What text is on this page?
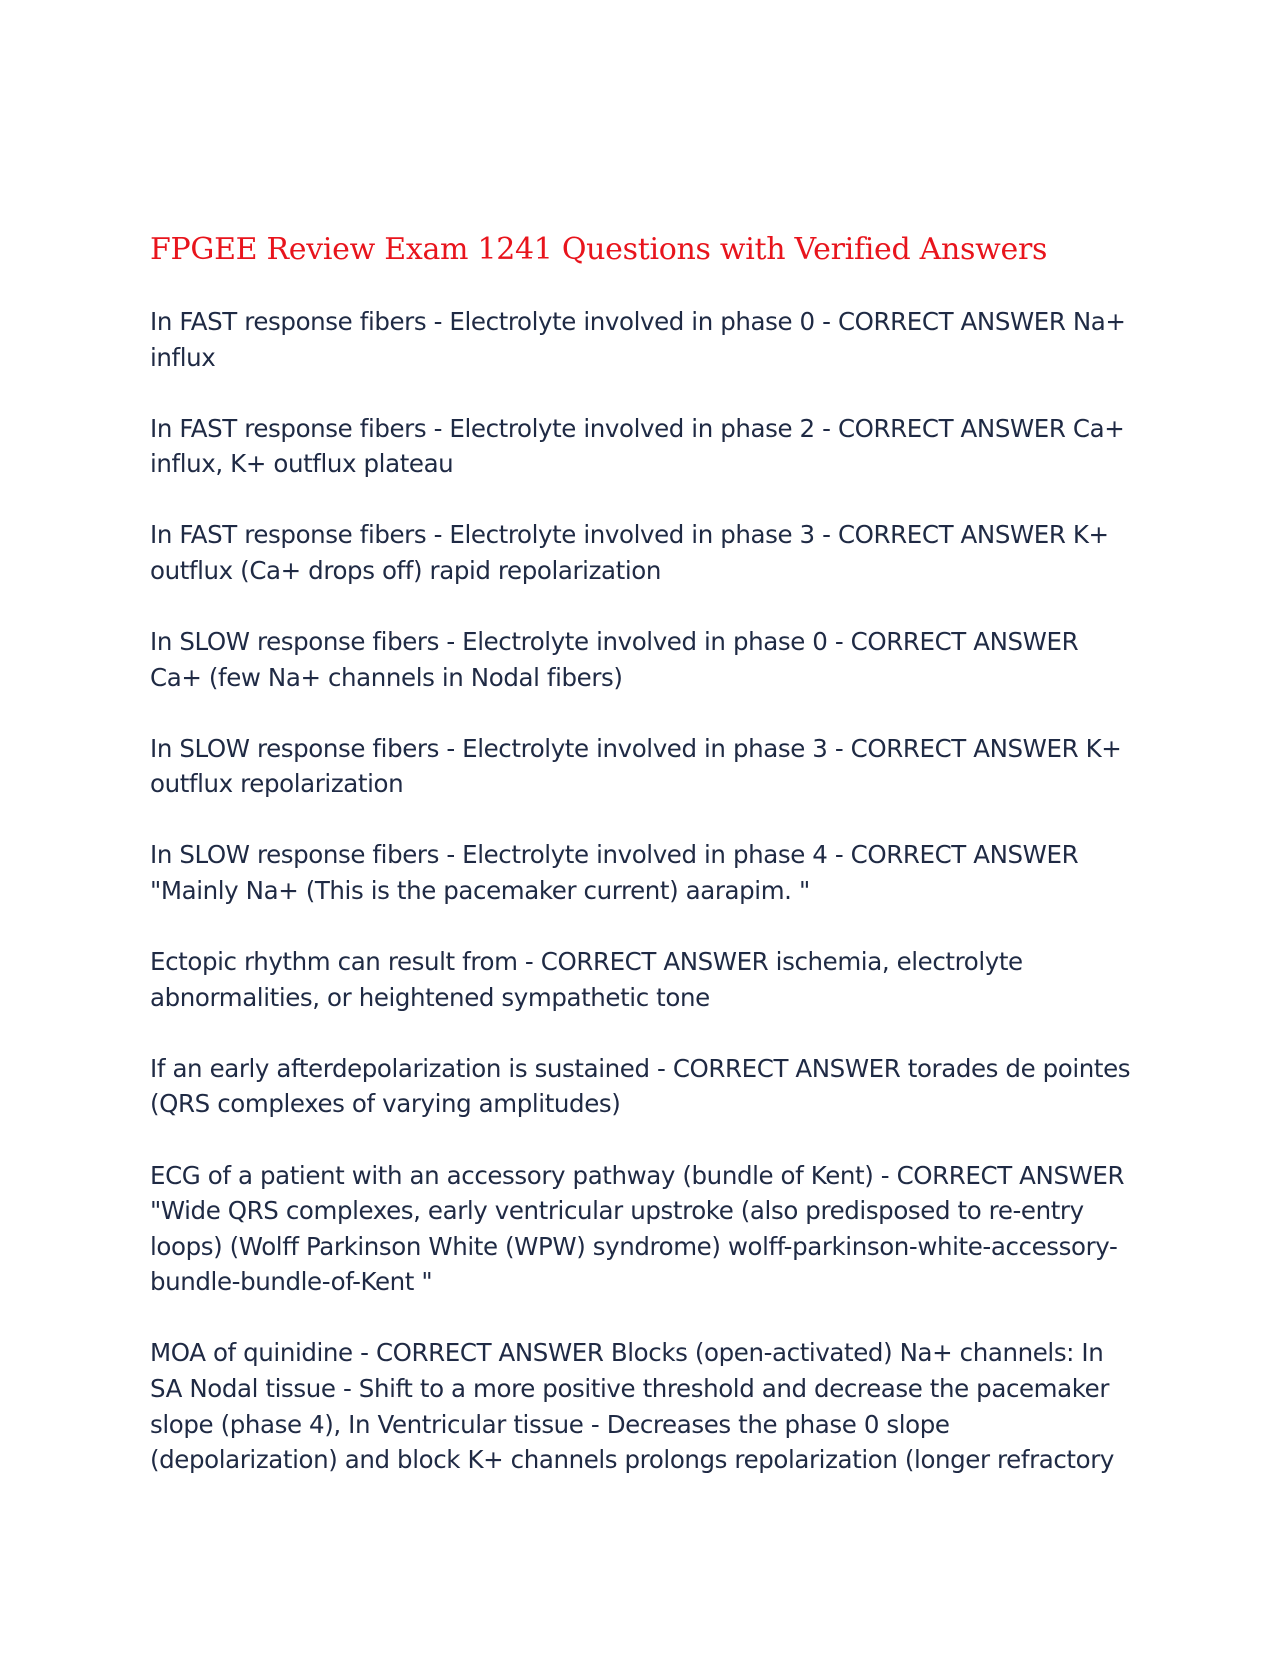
FPGEE Review Exam 1241 Questions with Verified Answers

In FAST response fibers - Electrolyte involved in phase 0 - CORRECT ANSWER Na+ influx

In FAST response fibers - Electrolyte involved in phase 2 - CORRECT ANSWER Ca+ influx, K+ outflux plateau

In FAST response fibers - Electrolyte involved in phase 3 - CORRECT ANSWER K+ outflux (Ca+ drops off) rapid repolarization

In SLOW response fibers - Electrolyte involved in phase 0 - CORRECT ANSWER Ca+ (few Na+ channels in Nodal fibers)

In SLOW response fibers - Electrolyte involved in phase 3 - CORRECT ANSWER K+ outflux repolarization

In SLOW response fibers - Electrolyte involved in phase 4 - CORRECT ANSWER "Mainly Na+ (This is the pacemaker current) aarapim. "

Ectopic rhythm can result from - CORRECT ANSWER ischemia, electrolyte abnormalities, or heightened sympathetic tone

If an early afterdepolarization is sustained - CORRECT ANSWER torades de pointes (QRS complexes of varying amplitudes)

ECG of a patient with an accessory pathway (bundle of Kent) - CORRECT ANSWER "Wide QRS complexes, early ventricular upstroke (also predisposed to re-entry loops) (Wolff Parkinson White (WPW) syndrome) wolff-parkinson-white-accessory-bundle-bundle-of-Kent "

MOA of quinidine - CORRECT ANSWER Blocks (open-activated) Na+ channels: In SA Nodal tissue - Shift to a more positive threshold and decrease the pacemaker slope (phase 4), In Ventricular tissue - Decreases the phase 0 slope (depolarization) and block K+ channels prolongs repolarization (longer refractory
